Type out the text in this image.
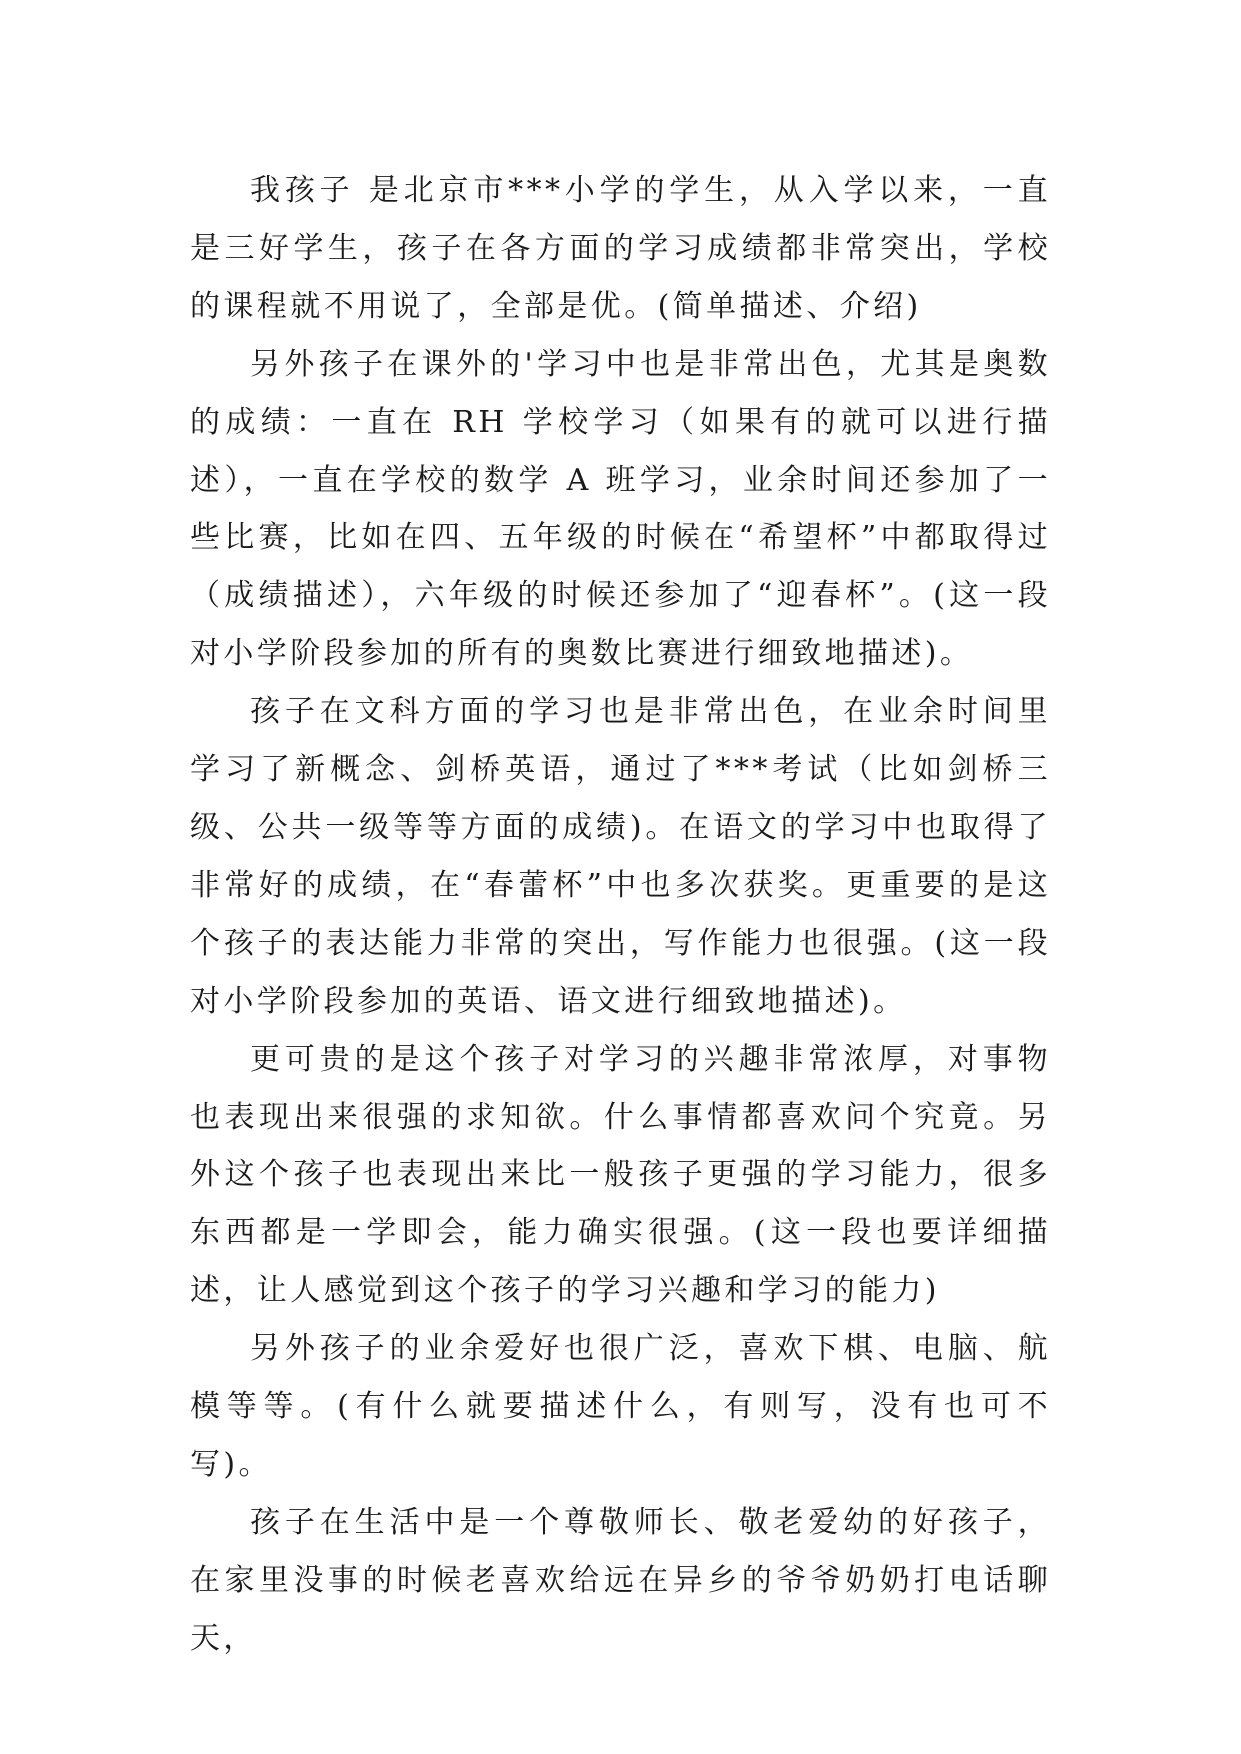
我孩子 是北京市***小学的学生，从入学以来，一直是三好学生，孩子在各方面的学习成绩都非常突出，学校的课程就不用说了，全部是优。(简单描述、介绍)

另外孩子在课外的'学习中也是非常出色，尤其是奥数的成绩：一直在 RH 学校学习（如果有的就可以进行描述），一直在学校的数学 A 班学习，业余时间还参加了一些比赛，比如在四、五年级的时候在“希望杯”中都取得过（成绩描述），六年级的时候还参加了“迎春杯”。(这一段对小学阶段参加的所有的奥数比赛进行细致地描述)。

孩子在文科方面的学习也是非常出色，在业余时间里学习了新概念、剑桥英语，通过了***考试（比如剑桥三级、公共一级等等方面的成绩)。在语文的学习中也取得了非常好的成绩，在“春蕾杯”中也多次获奖。更重要的是这个孩子的表达能力非常的突出，写作能力也很强。(这一段对小学阶段参加的英语、语文进行细致地描述)。

更可贵的是这个孩子对学习的兴趣非常浓厚，对事物也表现出来很强的求知欲。什么事情都喜欢问个究竟。另外这个孩子也表现出来比一般孩子更强的学习能力，很多东西都是一学即会，能力确实很强。(这一段也要详细描述，让人感觉到这个孩子的学习兴趣和学习的能力)

另外孩子的业余爱好也很广泛，喜欢下棋、电脑、航模等等。(有什么就要描述什么，有则写，没有也可不写)。

孩子在生活中是一个尊敬师长、敬老爱幼的好孩子，在家里没事的时候老喜欢给远在异乡的爷爷奶奶打电话聊天，
